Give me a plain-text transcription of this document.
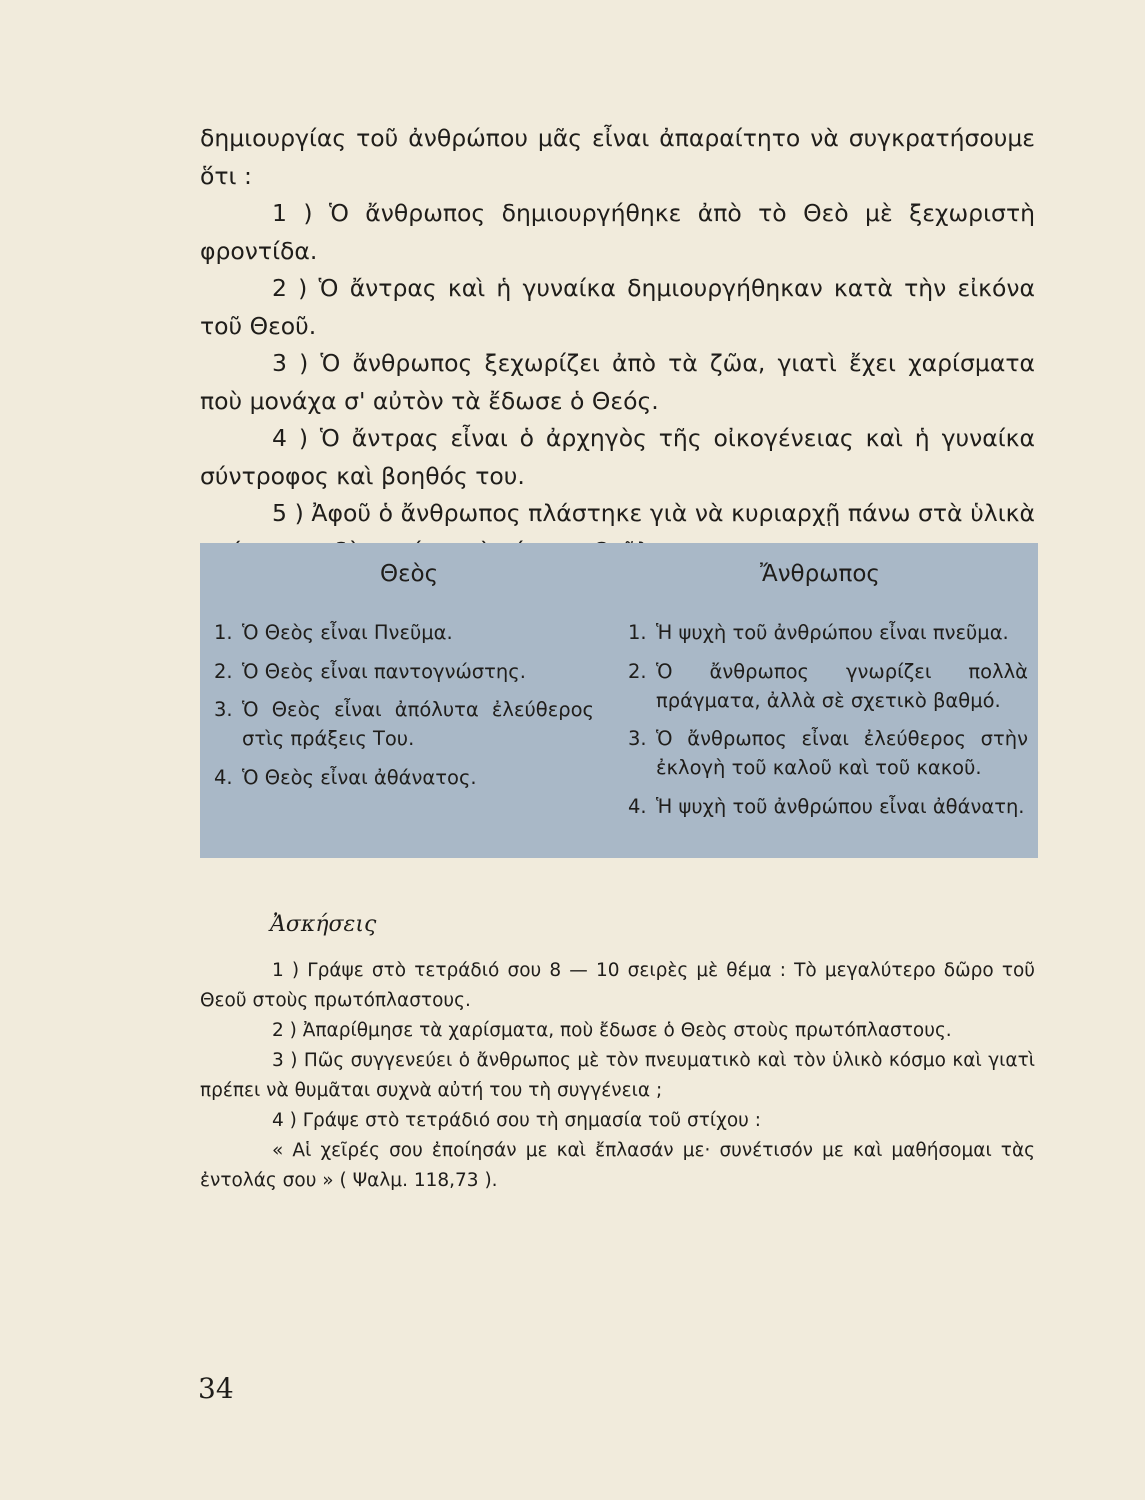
δημιουργίας τοῦ ἀνθρώπου μᾶς εἶναι ἀπαραίτητο νὰ συγκρατήσουμε ὅτι :

1 ) Ὁ ἄνθρωπος δημιουργήθηκε ἀπὸ τὸ Θεὸ μὲ ξεχωριστὴ φροντίδα.

2 ) Ὁ ἄντρας καὶ ἡ γυναίκα δημιουργήθηκαν κατὰ τὴν εἰκόνα τοῦ Θεοῦ.

3 ) Ὁ ἄνθρωπος ξεχωρίζει ἀπὸ τὰ ζῶα, γιατὶ ἔχει χαρίσματα ποὺ μονάχα σ' αὐτὸν τὰ ἔδωσε ὁ Θεός.

4 ) Ὁ ἄντρας εἶναι ὁ ἀρχηγὸς τῆς οἰκογένειας καὶ ἡ γυναίκα σύντροφος καὶ βοηθός του.

5 ) Ἀφοῦ ὁ ἄνθρωπος πλάστηκε γιὰ νὰ κυριαρχῇ πάνω στὰ ὑλικὰ

Θεὸς	Ἄνθρωπος
1. Ὁ Θεὸς εἶναι Πνεῦμα.
2. Ὁ Θεὸς εἶναι παντογνώστης.
3. Ὁ Θεὸς εἶναι ἀπόλυτα ἐλεύθερος στὶς πράξεις Του.
4. Ὁ Θεὸς εἶναι ἀθάνατος.
1. Ἡ ψυχὴ τοῦ ἀνθρώπου εἶναι πνεῦμα.
2. Ὁ ἄνθρωπος γνωρίζει πολλὰ πράγματα, ἀλλὰ σὲ σχετικὸ βαθμό.
3. Ὁ ἄνθρωπος εἶναι ἐλεύθερος στὴν ἐκλογὴ τοῦ καλοῦ καὶ τοῦ κακοῦ.
4. Ἡ ψυχὴ τοῦ ἀνθρώπου εἶναι ἀθάνατη.
Ἀσκήσεις

1 ) Γράψε στὸ τετράδιό σου 8 — 10 σειρὲς μὲ θέμα : Τὸ μεγαλύτερο δῶρο τοῦ Θεοῦ στοὺς πρωτόπλαστους.

2 ) Ἀπαρίθμησε τὰ χαρίσματα, ποὺ ἔδωσε ὁ Θεὸς στοὺς πρωτόπλαστους.

3 ) Πῶς συγγενεύει ὁ ἄνθρωπος μὲ τὸν πνευματικὸ καὶ τὸν ὑλικὸ κόσμο καὶ γιατὶ πρέπει νὰ θυμᾶται συχνὰ αὐτή του τὴ συγγένεια ;

4 ) Γράψε στὸ τετράδιό σου τὴ σημασία τοῦ στίχου :

« Αἱ χεῖρές σου ἐποίησάν με καὶ ἔπλασάν με· συνέτισόν με καὶ μαθήσομαι τὰς ἐντολάς σου » ( Ψαλμ. 118,73 ).

34
